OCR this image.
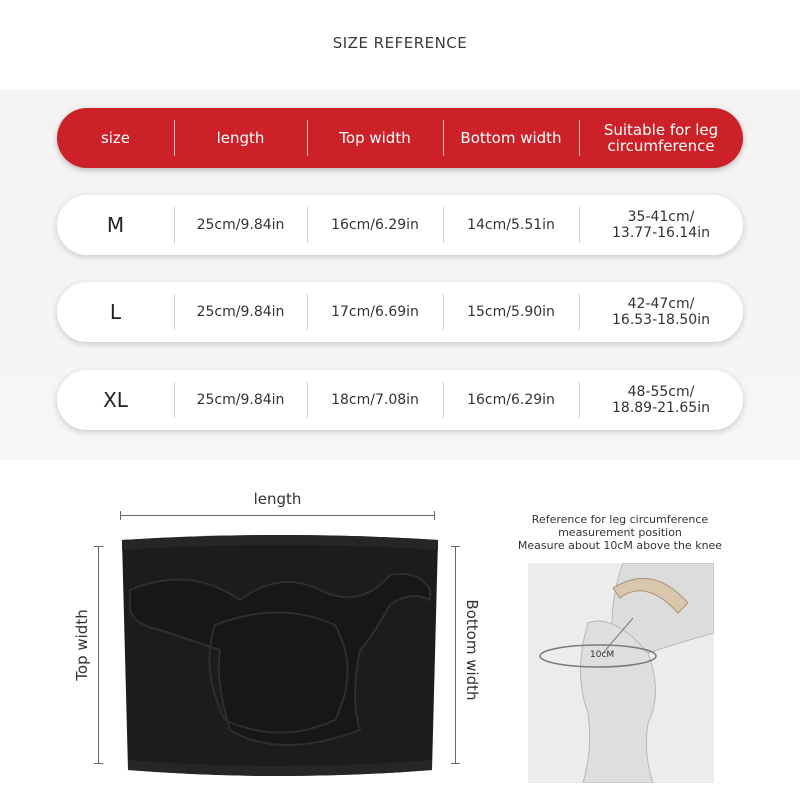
SIZE REFERENCE
size	length	Top width	Bottom width	Suitable for leg circumference
M	25cm/9.84in	16cm/6.29in	14cm/5.51in	35-41cm/
13.77-16.14in
L	25cm/9.84in	17cm/6.69in	15cm/5.90in	42-47cm/
16.53-18.50in
XL	25cm/9.84in	18cm/7.08in	16cm/6.29in	48-55cm/
18.89-21.65in
length
Top width	Bottom width
Reference for leg circumference
measurement position
Measure about 10cM above the knee
10cM
